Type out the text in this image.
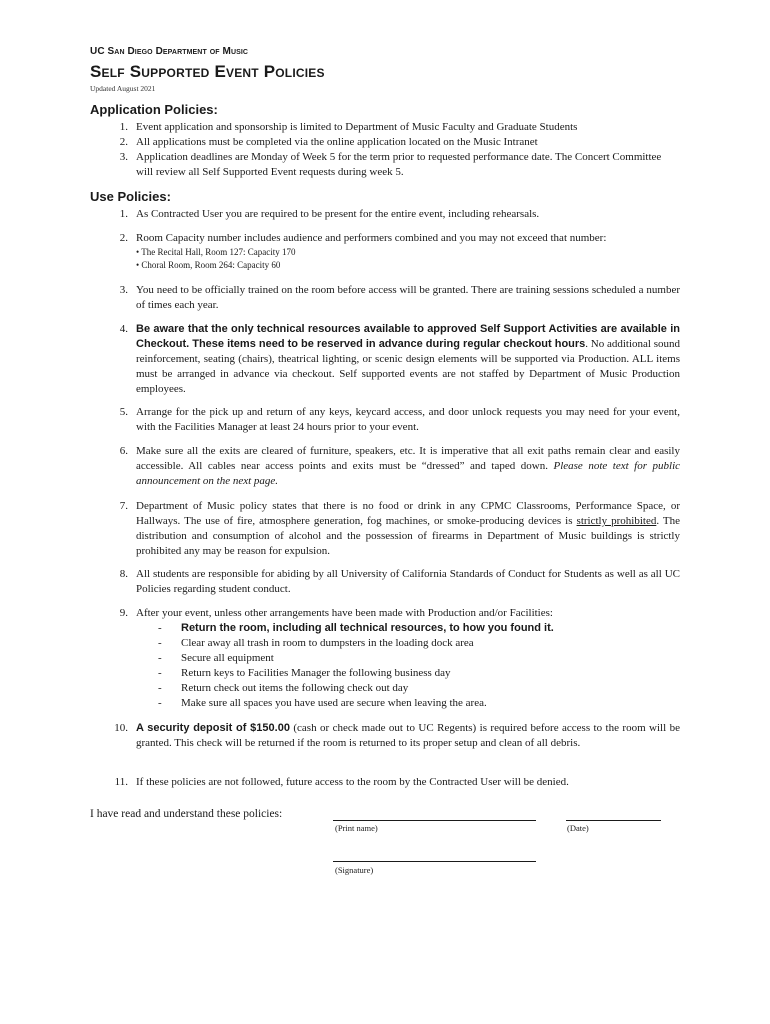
UC San Diego Department of Music
Self Supported Event Policies
Updated August 2021
Application Policies:
1. Event application and sponsorship is limited to Department of Music Faculty and Graduate Students
2. All applications must be completed via the online application located on the Music Intranet
3. Application deadlines are Monday of Week 5 for the term prior to requested performance date. The Concert Committee will review all Self Supported Event requests during week 5.
Use Policies:
1. As Contracted User you are required to be present for the entire event, including rehearsals.
2. Room Capacity number includes audience and performers combined and you may not exceed that number:
• The Recital Hall, Room 127: Capacity 170
• Choral Room, Room 264: Capacity 60
3. You need to be officially trained on the room before access will be granted. There are training sessions scheduled a number of times each year.
4. Be aware that the only technical resources available to approved Self Support Activities are available in Checkout. These items need to be reserved in advance during regular checkout hours. No additional sound reinforcement, seating (chairs), theatrical lighting, or scenic design elements will be supported via Production. ALL items must be arranged in advance via checkout. Self supported events are not staffed by Department of Music Production employees.
5. Arrange for the pick up and return of any keys, keycard access, and door unlock requests you may need for your event, with the Facilities Manager at least 24 hours prior to your event.
6. Make sure all the exits are cleared of furniture, speakers, etc. It is imperative that all exit paths remain clear and easily accessible. All cables near access points and exits must be “dressed” and taped down. Please note text for public announcement on the next page.
7. Department of Music policy states that there is no food or drink in any CPMC Classrooms, Performance Space, or Hallways. The use of fire, atmosphere generation, fog machines, or smoke-producing devices is strictly prohibited. The distribution and consumption of alcohol and the possession of firearms in Department of Music buildings is strictly prohibited any may be reason for expulsion.
8. All students are responsible for abiding by all University of California Standards of Conduct for Students as well as all UC Policies regarding student conduct.
9. After your event, unless other arrangements have been made with Production and/or Facilities:
- Return the room, including all technical resources, to how you found it.
- Clear away all trash in room to dumpsters in the loading dock area
- Secure all equipment
- Return keys to Facilities Manager the following business day
- Return check out items the following check out day
- Make sure all spaces you have used are secure when leaving the area.
10. A security deposit of $150.00 (cash or check made out to UC Regents) is required before access to the room will be granted. This check will be returned if the room is returned to its proper setup and clean of all debris.
11. If these policies are not followed, future access to the room by the Contracted User will be denied.
I have read and understand these policies:
(Print name)	(Date)
(Signature)
